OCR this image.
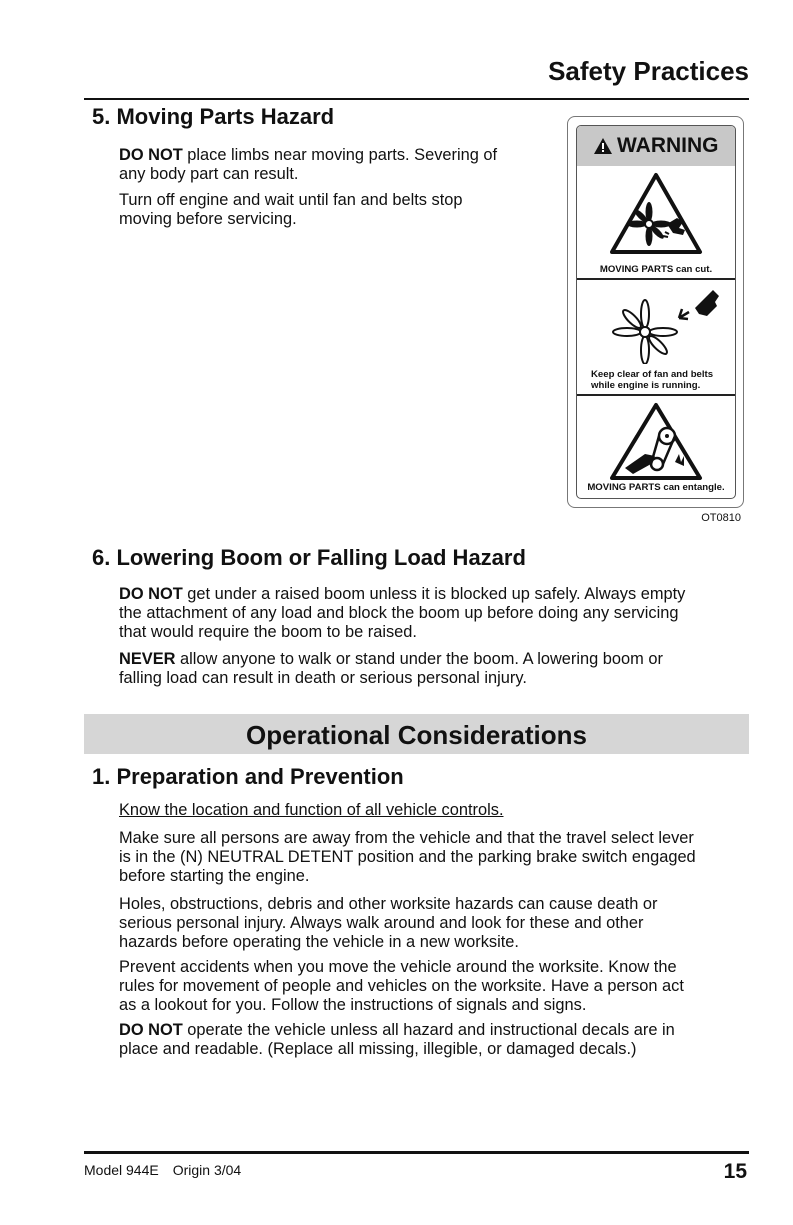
Safety Practices
5. Moving Parts Hazard

DO NOT place limbs near moving parts. Severing of
any body part can result.

Turn off engine and wait until fan and belts stop
moving before servicing.

WARNING
MOVING PARTS can cut.
Keep clear of fan and belts
while engine is running.
MOVING PARTS can entangle.
OT0810
6. Lowering Boom or Falling Load Hazard

DO NOT get under a raised boom unless it is blocked up safely. Always empty
the attachment of any load and block the boom up before doing any servicing
that would require the boom to be raised.

NEVER allow anyone to walk or stand under the boom. A lowering boom or
falling load can result in death or serious personal injury.

Operational Considerations
1. Preparation and Prevention

Know the location and function of all vehicle controls.

Make sure all persons are away from the vehicle and that the travel select lever
is in the (N) NEUTRAL DETENT position and the parking brake switch engaged
before starting the engine.

Holes, obstructions, debris and other worksite hazards can cause death or
serious personal injury. Always walk around and look for these and other
hazards before operating the vehicle in a new worksite.

Prevent accidents when you move the vehicle around the worksite. Know the
rules for movement of people and vehicles on the worksite. Have a person act
as a lookout for you. Follow the instructions of signals and signs.

DO NOT operate the vehicle unless all hazard and instructional decals are in
place and readable. (Replace all missing, illegible, or damaged decals.)

Model 944E Origin 3/04	15
